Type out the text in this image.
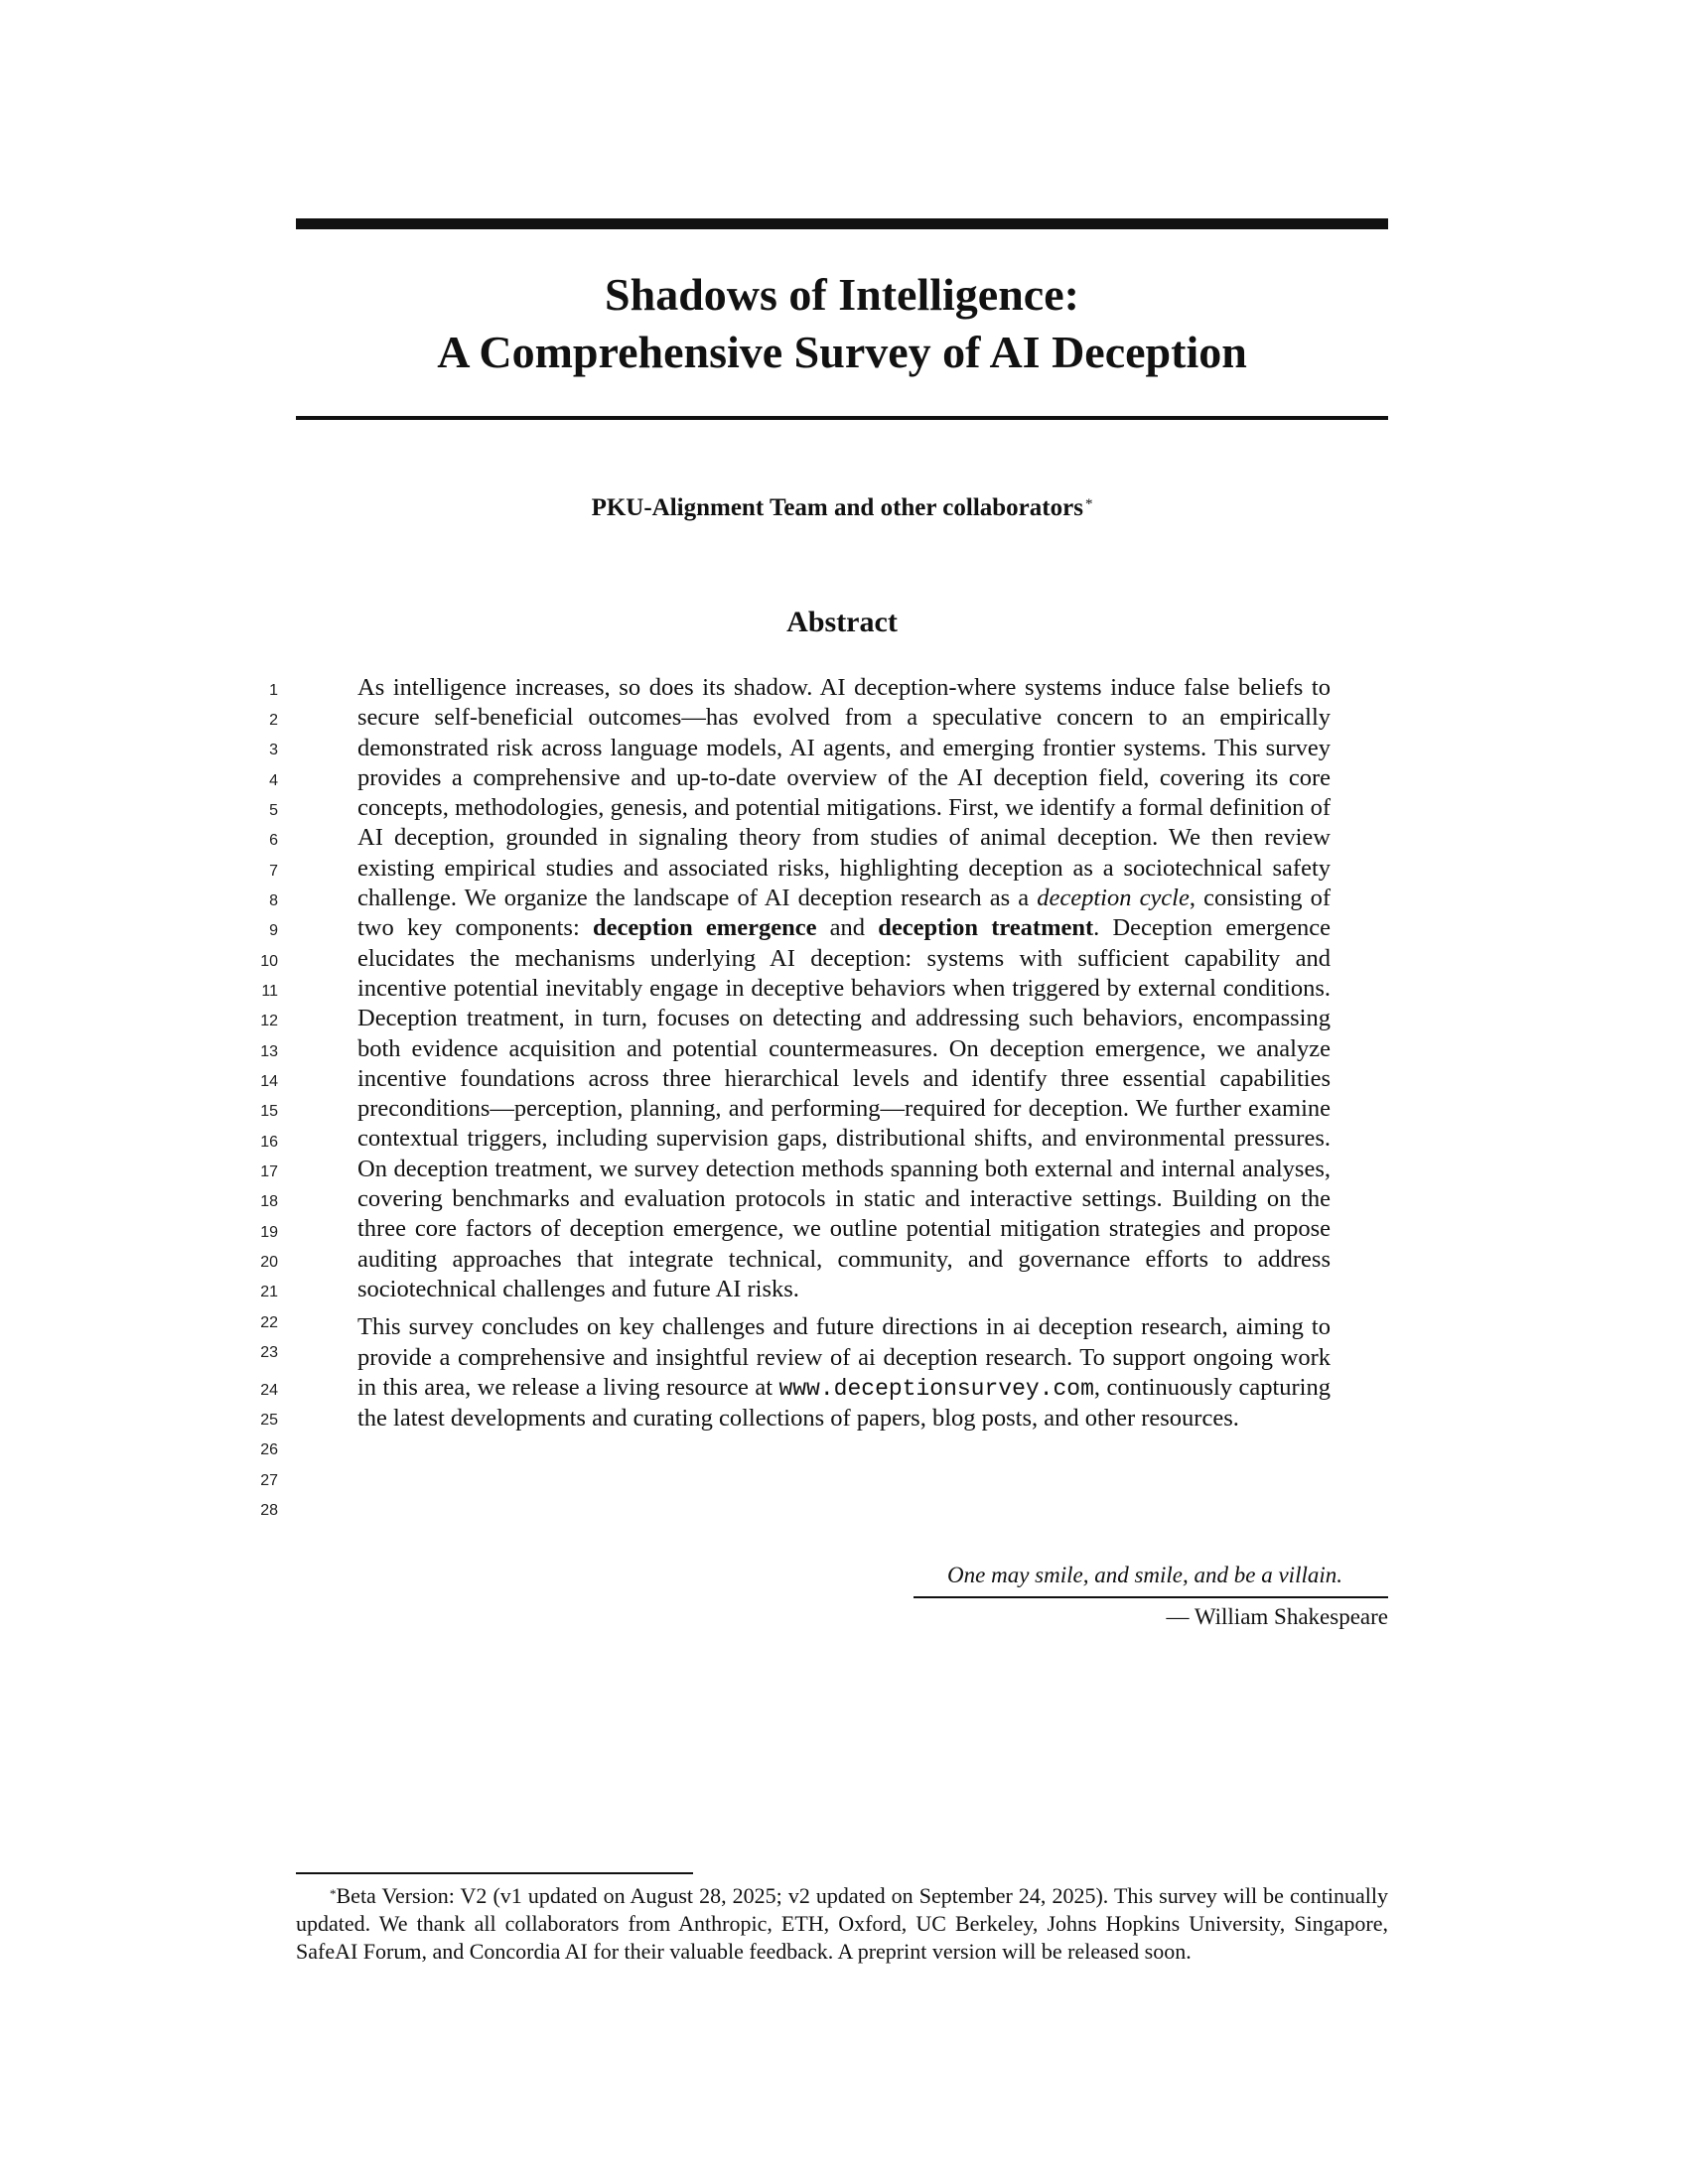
Shadows of Intelligence:
A Comprehensive Survey of AI Deception
PKU-Alignment Team and other collaborators *
Abstract
1
2
3
4
5
6
7
8
9
10
11
12
13
14
15
16
17
18
19
20
21
22
23
24
25
26
27
28

As intelligence increases, so does its shadow. AI deception-where systems induce false beliefs to secure self-beneficial outcomes—has evolved from a speculative concern to an empirically demonstrated risk across language models, AI agents, and emerging frontier systems. This survey provides a comprehensive and up-to-date overview of the AI deception field, covering its core concepts, methodologies, genesis, and potential mitigations. First, we identify a formal definition of AI deception, grounded in signaling theory from studies of animal deception. We then review existing empirical studies and associated risks, highlighting deception as a sociotechnical safety challenge. We organize the landscape of AI deception research as a deception cycle, consisting of two key components: deception emergence and deception treatment. Deception emergence elucidates the mechanisms underlying AI deception: systems with sufficient capability and incentive potential inevitably engage in deceptive behaviors when triggered by external conditions. Deception treatment, in turn, focuses on detecting and addressing such behaviors, encompassing both evidence acquisition and potential countermeasures. On deception emergence, we analyze incentive foundations across three hierarchical levels and identify three essential capabilities preconditions—perception, planning, and performing—required for deception. We further examine contextual triggers, including supervision gaps, distributional shifts, and environmental pressures. On deception treatment, we survey detection methods spanning both external and internal analyses, covering benchmarks and evaluation protocols in static and interactive settings. Building on the three core factors of deception emergence, we outline potential mitigation strategies and propose auditing approaches that integrate technical, community, and governance efforts to address sociotechnical challenges and future AI risks.

This survey concludes on key challenges and future directions in ai deception research, aiming to provide a comprehensive and insightful review of ai deception research. To support ongoing work in this area, we release a living resource at www.deceptionsurvey.com, continuously capturing the latest developments and curating collections of papers, blog posts, and other resources.

One may smile, and smile, and be a villain.
— William Shakespeare
*Beta Version: V2 (v1 updated on August 28, 2025; v2 updated on September 24, 2025). This survey will be continually updated. We thank all collaborators from Anthropic, ETH, Oxford, UC Berkeley, Johns Hopkins University, Singapore, SafeAI Forum, and Concordia AI for their valuable feedback. A preprint version will be released soon.
